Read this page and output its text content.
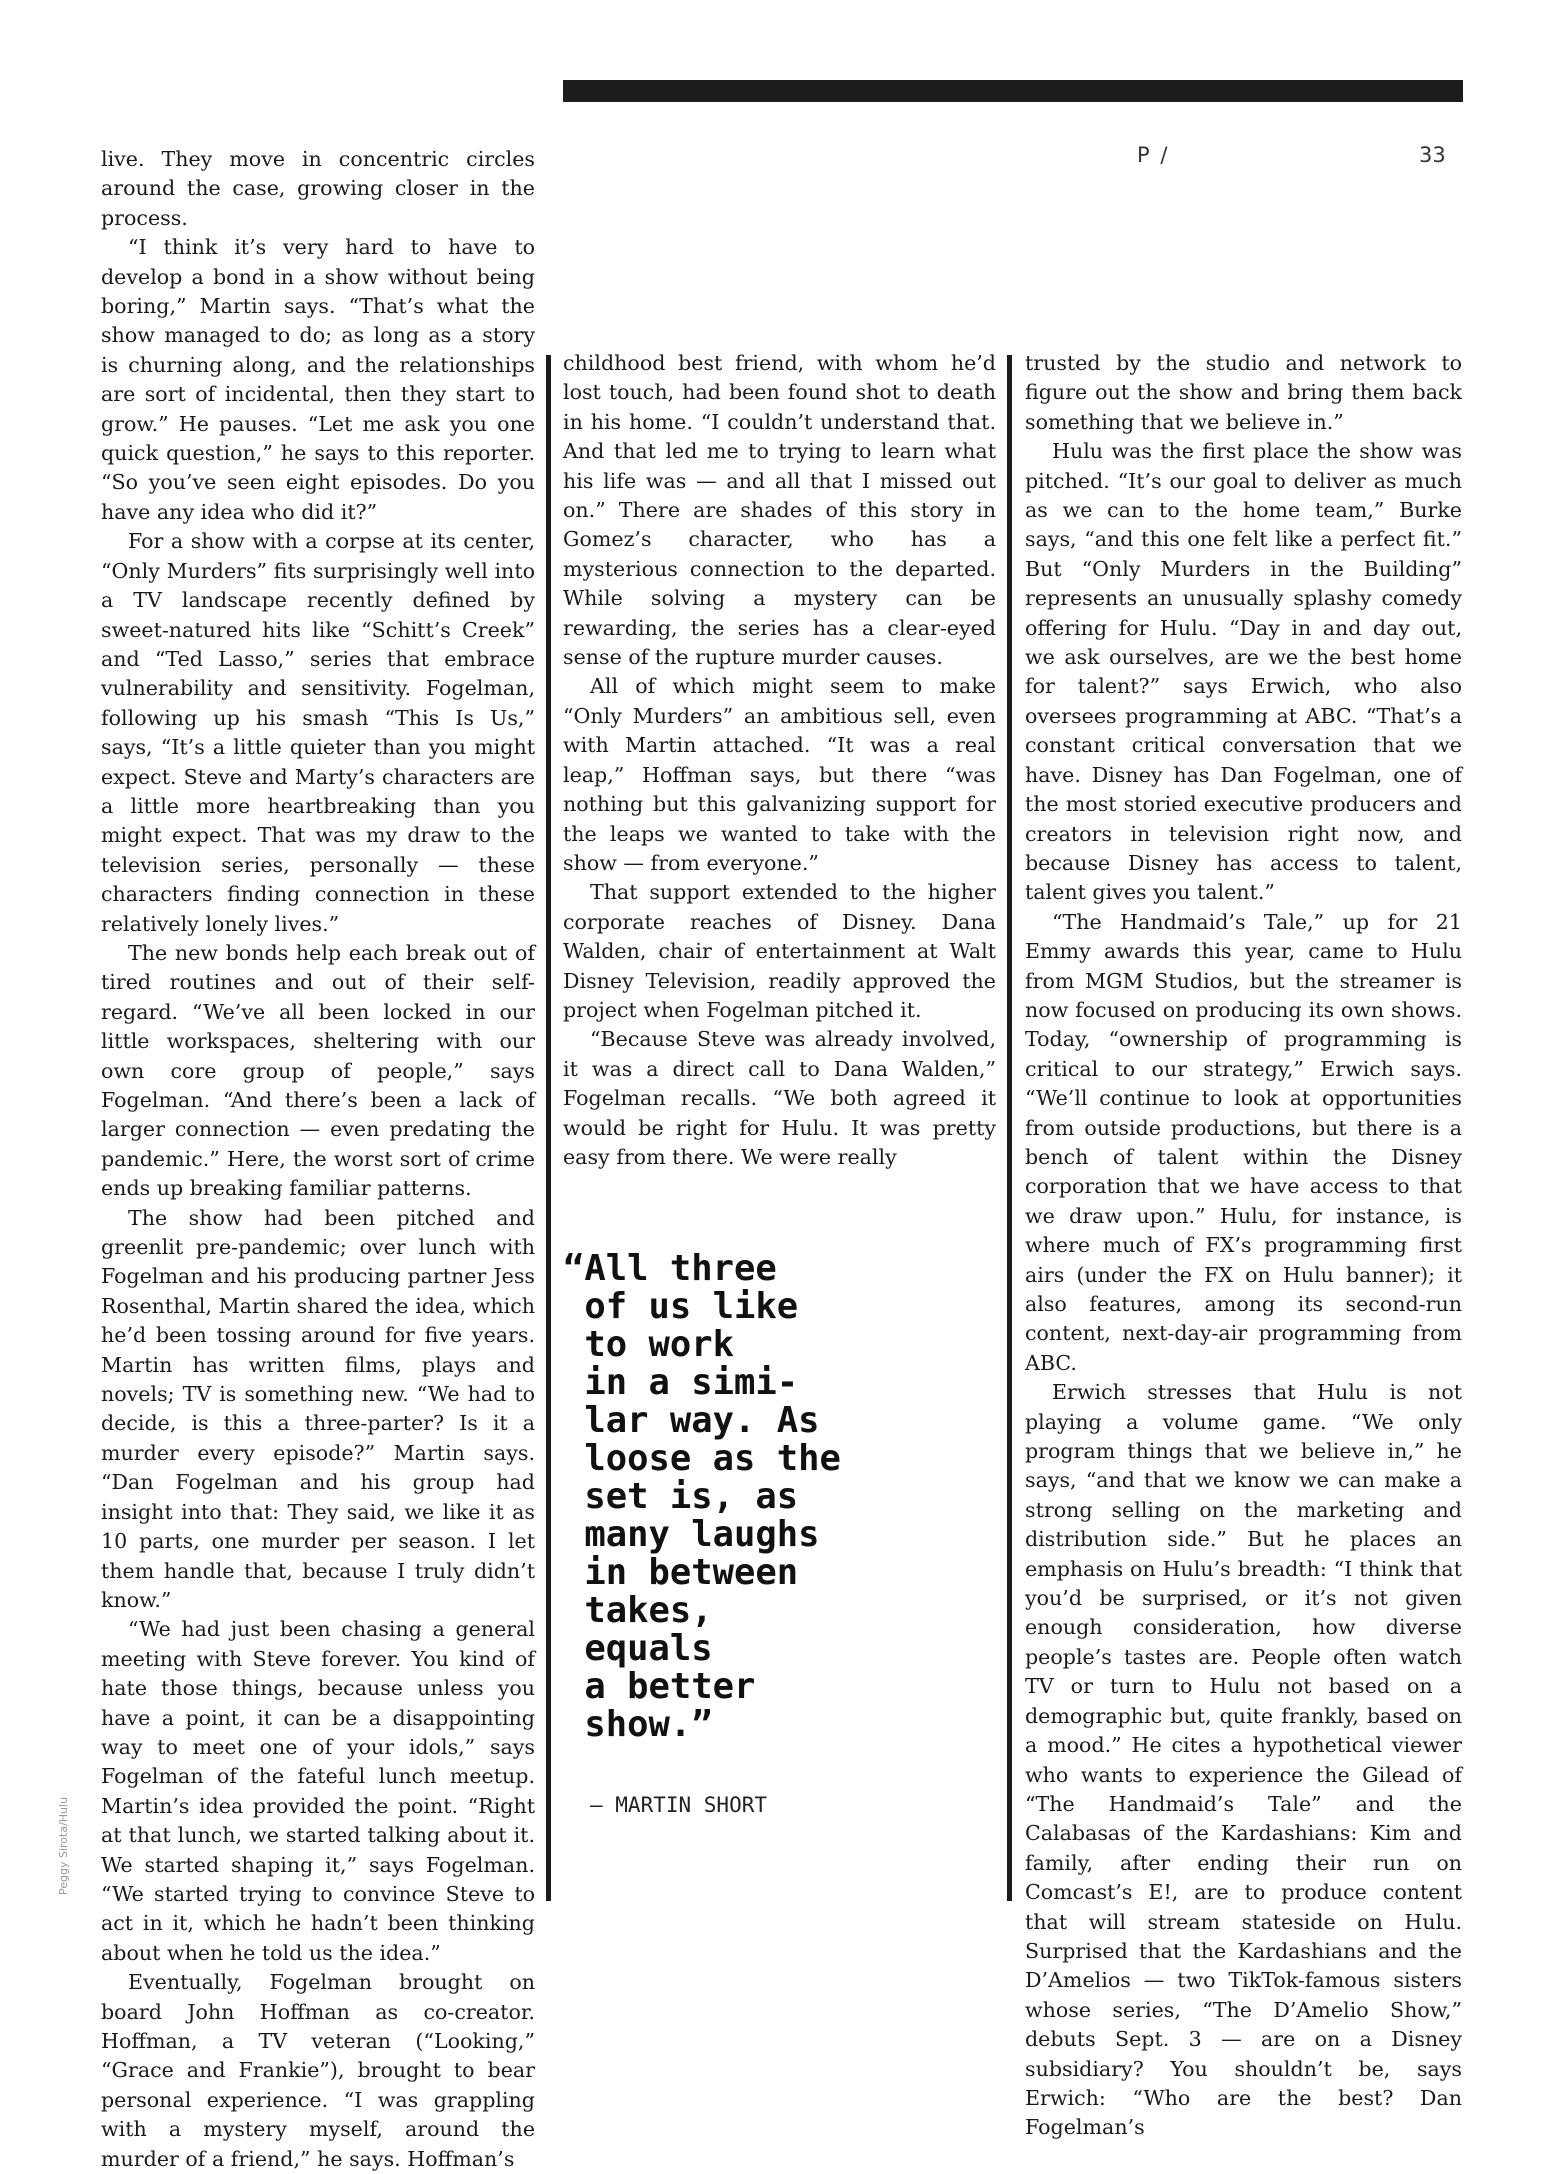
P /	33

live. They move in concentric circles around the case, growing closer in the process.

“I think it’s very hard to have to develop a bond in a show without being boring,” Martin says. “That’s what the show managed to do; as long as a story is churning along, and the relationships are sort of incidental, then they start to grow.” He pauses. “Let me ask you one quick question,” he says to this reporter. “So you’ve seen eight episodes. Do you have any idea who did it?”

For a show with a corpse at its center, “Only Murders” fits surprisingly well into a TV landscape recently defined by sweet-natured hits like “Schitt’s Creek” and “Ted Lasso,” series that embrace vulnerability and sensitivity. Fogelman, following up his smash “This Is Us,” says, “It’s a little quieter than you might expect. Steve and Marty’s characters are a little more heartbreaking than you might expect. That was my draw to the television series, personally — these characters finding connection in these relatively lonely lives.”

The new bonds help each break out of tired routines and out of their self-regard. “We’ve all been locked in our little workspaces, sheltering with our own core group of people,” says Fogelman. “And there’s been a lack of larger connection — even predating the pandemic.” Here, the worst sort of crime ends up breaking familiar patterns.

The show had been pitched and greenlit pre-pandemic; over lunch with Fogelman and his producing partner Jess Rosenthal, Martin shared the idea, which he’d been tossing around for five years. Martin has written films, plays and novels; TV is something new. “We had to decide, is this a three-parter? Is it a murder every episode?” Martin says. “Dan Fogelman and his group had insight into that: They said, we like it as 10 parts, one murder per season. I let them handle that, because I truly didn’t know.”

“We had just been chasing a general meeting with Steve forever. You kind of hate those things, because unless you have a point, it can be a disappointing way to meet one of your idols,” says Fogelman of the fateful lunch meetup. Martin’s idea provided the point. “Right at that lunch, we started talking about it. We started shaping it,” says Fogelman. “We started trying to convince Steve to act in it, which he hadn’t been thinking about when he told us the idea.”

Eventually, Fogelman brought on board John Hoffman as co-creator. Hoffman, a TV veteran (“Looking,” “Grace and Frankie”), brought to bear personal experience. “I was grappling with a mystery myself, around the murder of a friend,” he says. Hoffman’s

childhood best friend, with whom he’d lost touch, had been found shot to death in his home. “I couldn’t understand that. And that led me to trying to learn what his life was — and all that I missed out on.” There are shades of this story in Gomez’s character, who has a mysterious connection to the departed. While solving a mystery can be rewarding, the series has a clear-eyed sense of the rupture murder causes.

All of which might seem to make “Only Murders” an ambitious sell, even with Martin attached. “It was a real leap,” Hoffman says, but there “was nothing but this galvanizing support for the leaps we wanted to take with the show — from everyone.”

That support extended to the higher corporate reaches of Disney. Dana Walden, chair of entertainment at Walt Disney Television, readily approved the project when Fogelman pitched it.

“Because Steve was already involved, it was a direct call to Dana Walden,” Fogelman recalls. “We both agreed it would be right for Hulu. It was pretty easy from there. We were really

trusted by the studio and network to figure out the show and bring them back something that we believe in.”

Hulu was the first place the show was pitched. “It’s our goal to deliver as much as we can to the home team,” Burke says, “and this one felt like a perfect fit.” But “Only Murders in the Building” represents an unusually splashy comedy offering for Hulu. “Day in and day out, we ask ourselves, are we the best home for talent?” says Erwich, who also oversees programming at ABC. “That’s a constant critical conversation that we have. Disney has Dan Fogelman, one of the most storied executive producers and creators in television right now, and because Disney has access to talent, talent gives you talent.”

“The Handmaid’s Tale,” up for 21 Emmy awards this year, came to Hulu from MGM Studios, but the streamer is now focused on producing its own shows. Today, “ownership of programming is critical to our strategy,” Erwich says. “We’ll continue to look at opportunities from outside productions, but there is a bench of talent within the Disney corporation that we have access to that we draw upon.” Hulu, for instance, is where much of FX’s programming first airs (under the FX on Hulu banner); it also features, among its second-run content, next-day-air programming from ABC.

Erwich stresses that Hulu is not playing a volume game. “We only program things that we believe in,” he says, “and that we know we can make a strong selling on the marketing and distribution side.” But he places an emphasis on Hulu’s breadth: “I think that you’d be surprised, or it’s not given enough consideration, how diverse people’s tastes are. People often watch TV or turn to Hulu not based on a demographic but, quite frankly, based on a mood.” He cites a hypothetical viewer who wants to experience the Gilead of “The Handmaid’s Tale” and the Calabasas of the Kardashians: Kim and family, after ending their run on Comcast’s E!, are to produce content that will stream stateside on Hulu. Surprised that the Kardashians and the D’Amelios — two TikTok-famous sisters whose series, “The D’Amelio Show,” debuts Sept. 3 — are on a Disney subsidiary? You shouldn’t be, says Erwich: “Who are the best? Dan Fogelman’s

“All three
of us like
to work
in a simi-
lar way. As
loose as the
set is, as
many laughs
in between
takes,
equals
a better
show.”
— MARTIN SHORT
Peggy Sirota/Hulu
